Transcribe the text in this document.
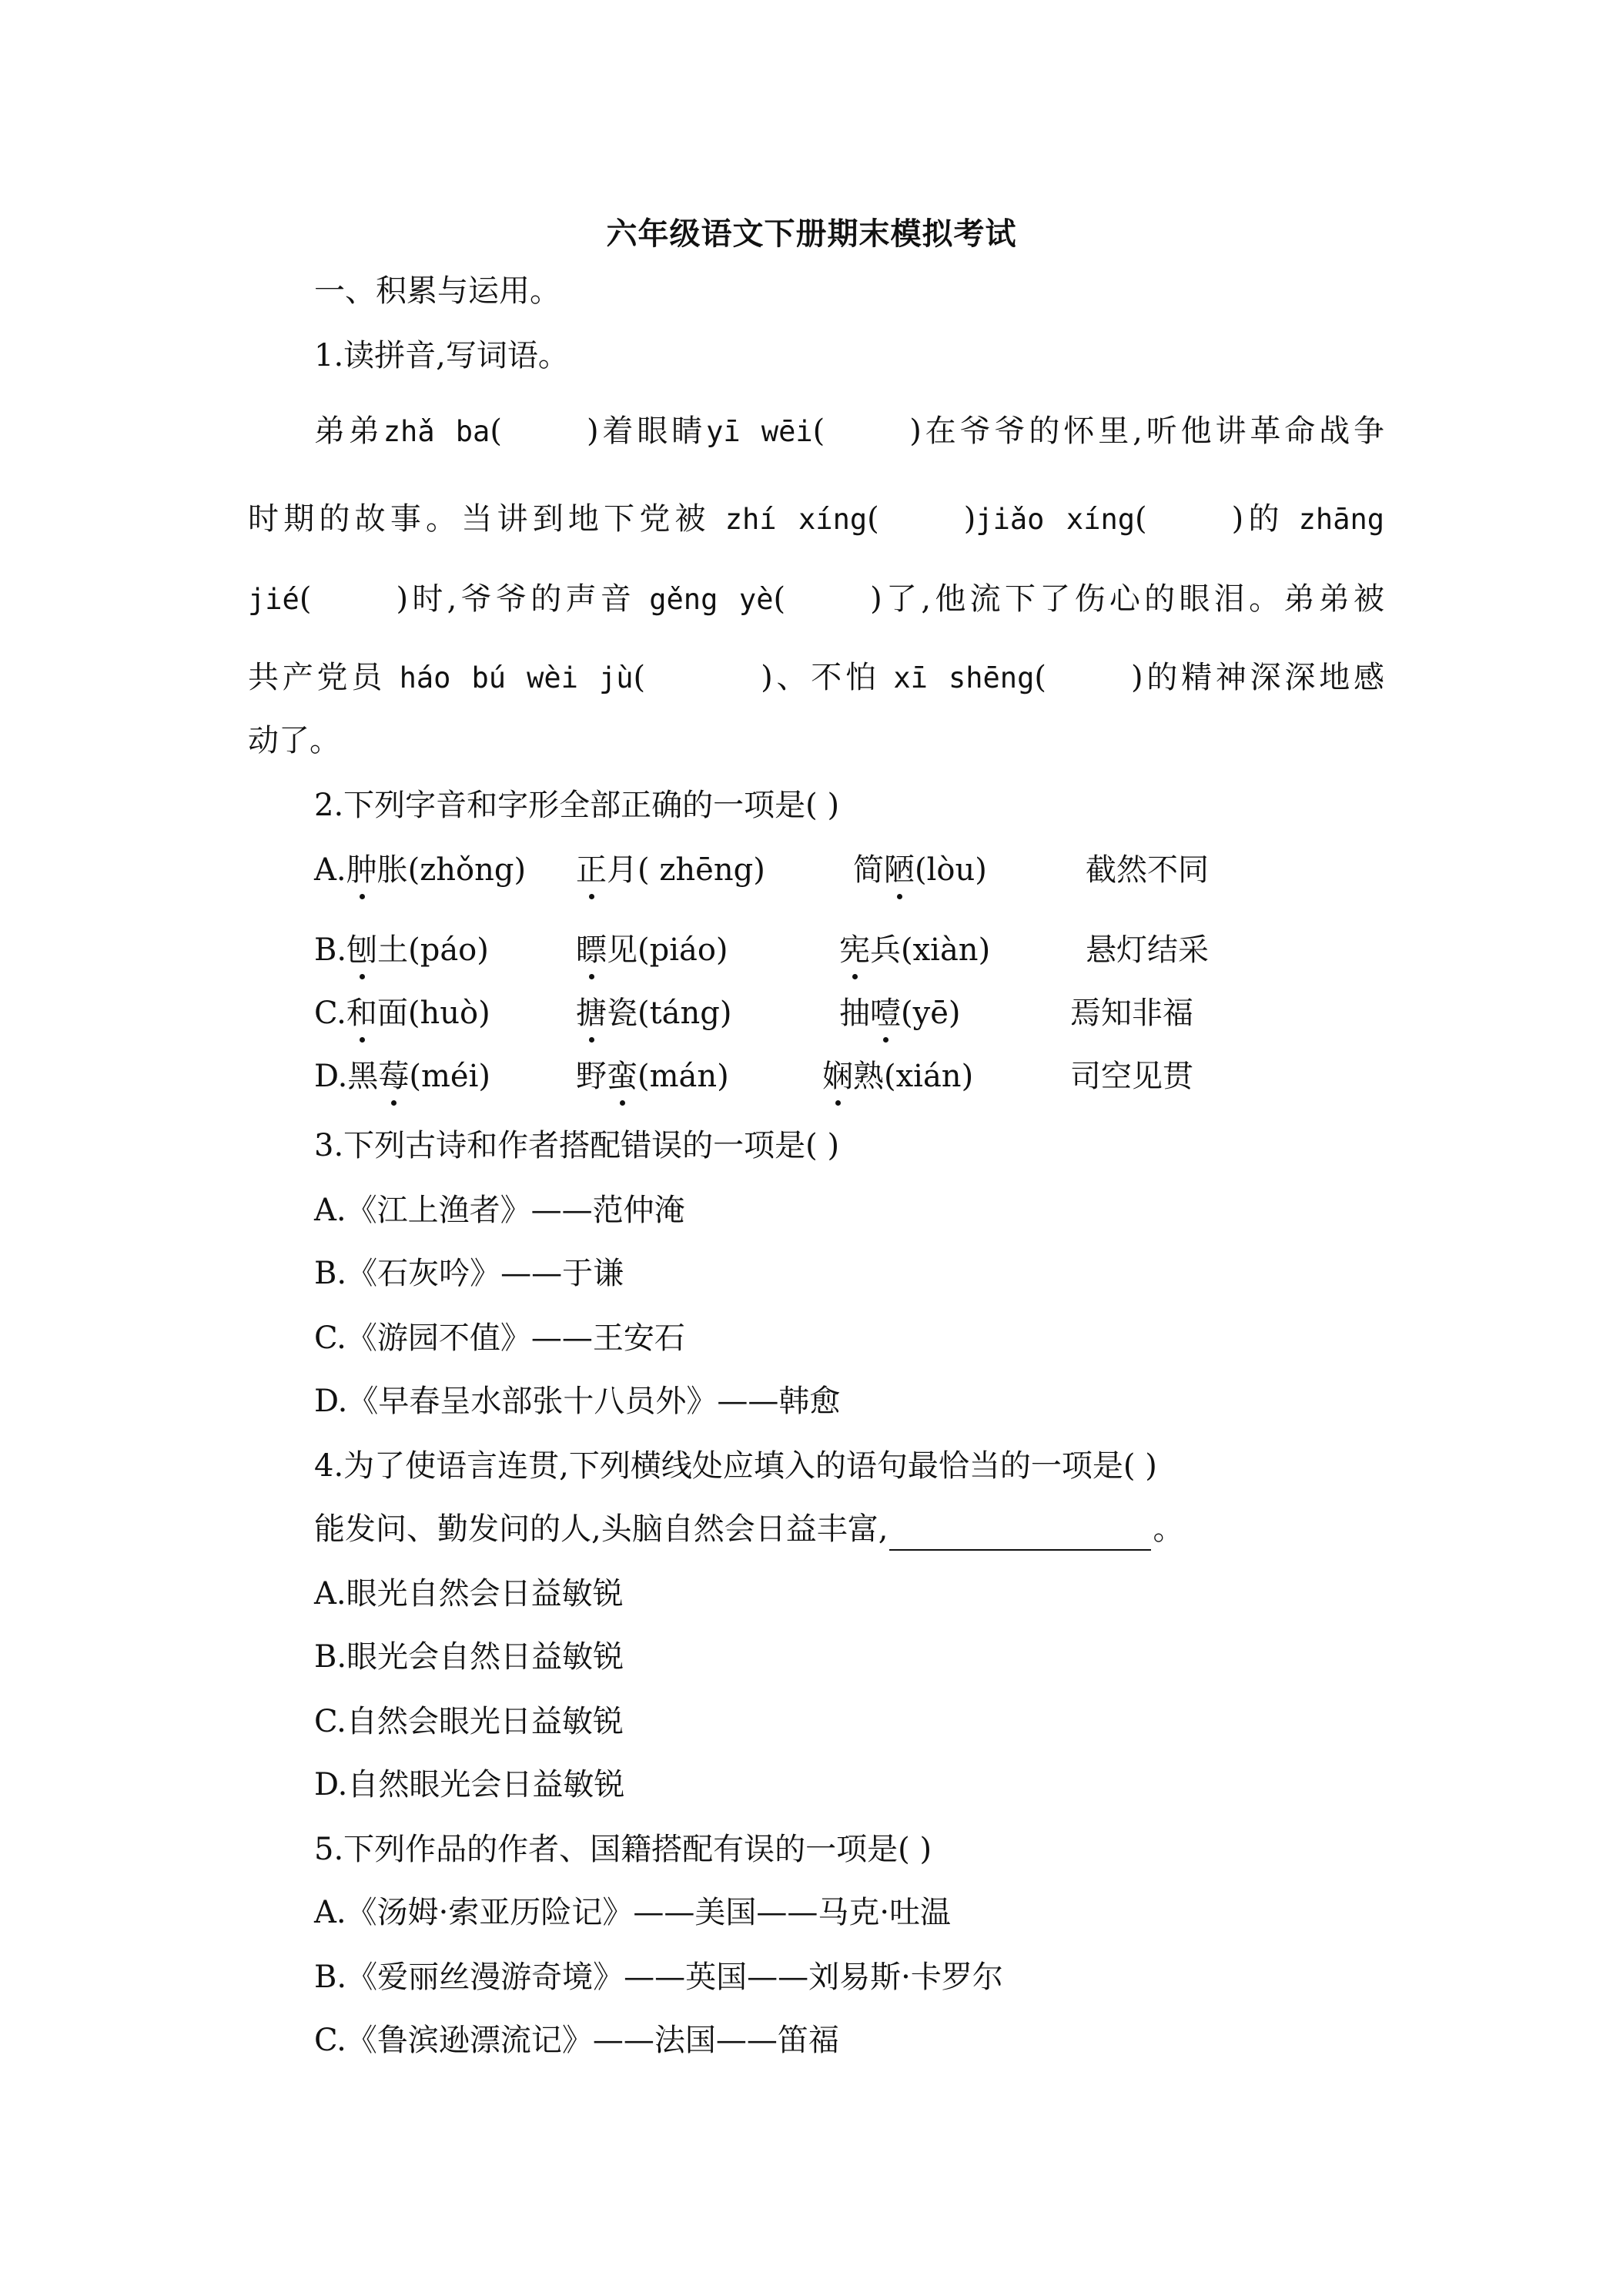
六年级语文下册期末模拟考试
一、积累与运用。
1.读拼音,写词语。
弟弟zhǎ ba(	)着眼睛yī wēi(	)在爷爷的怀里,听他讲革命战争
时期的故事。当讲到地下党被 zhí xíng(	)jiǎo xíng(	)的 zhāng
jié(	)时,爷爷的声音 gěng yè(	)了,他流下了伤心的眼泪。弟弟被
共产党员 háo bú wèi jù(	)、不怕 xī shēng(	)的精神深深地感
动了。
2.下列字音和字形全部正确的一项是( )
A.肿胀(zhǒng) 正月( zhēng)	简陋(lòu)	截然不同
B.刨土(páo)	瞟见(piáo)	宪兵(xiàn)	悬灯结采
C.和面(huò)	搪瓷(táng)	抽噎(yē)	焉知非福
D.黑莓(méi)	野蛮(mán)	娴熟(xián)	司空见贯
3.下列古诗和作者搭配错误的一项是( )
A.《江上渔者》——范仲淹
B.《石灰吟》——于谦
C.《游园不值》——王安石
D.《早春呈水部张十八员外》——韩愈
4.为了使语言连贯,下列横线处应填入的语句最恰当的一项是( )
能发问、勤发问的人,头脑自然会日益丰富,	。
A.眼光自然会日益敏锐
B.眼光会自然日益敏锐
C.自然会眼光日益敏锐
D.自然眼光会日益敏锐
5.下列作品的作者、国籍搭配有误的一项是( )
A.《汤姆·索亚历险记》——美国——马克·吐温
B.《爱丽丝漫游奇境》——英国——刘易斯·卡罗尔
C.《鲁滨逊漂流记》——法国——笛福
